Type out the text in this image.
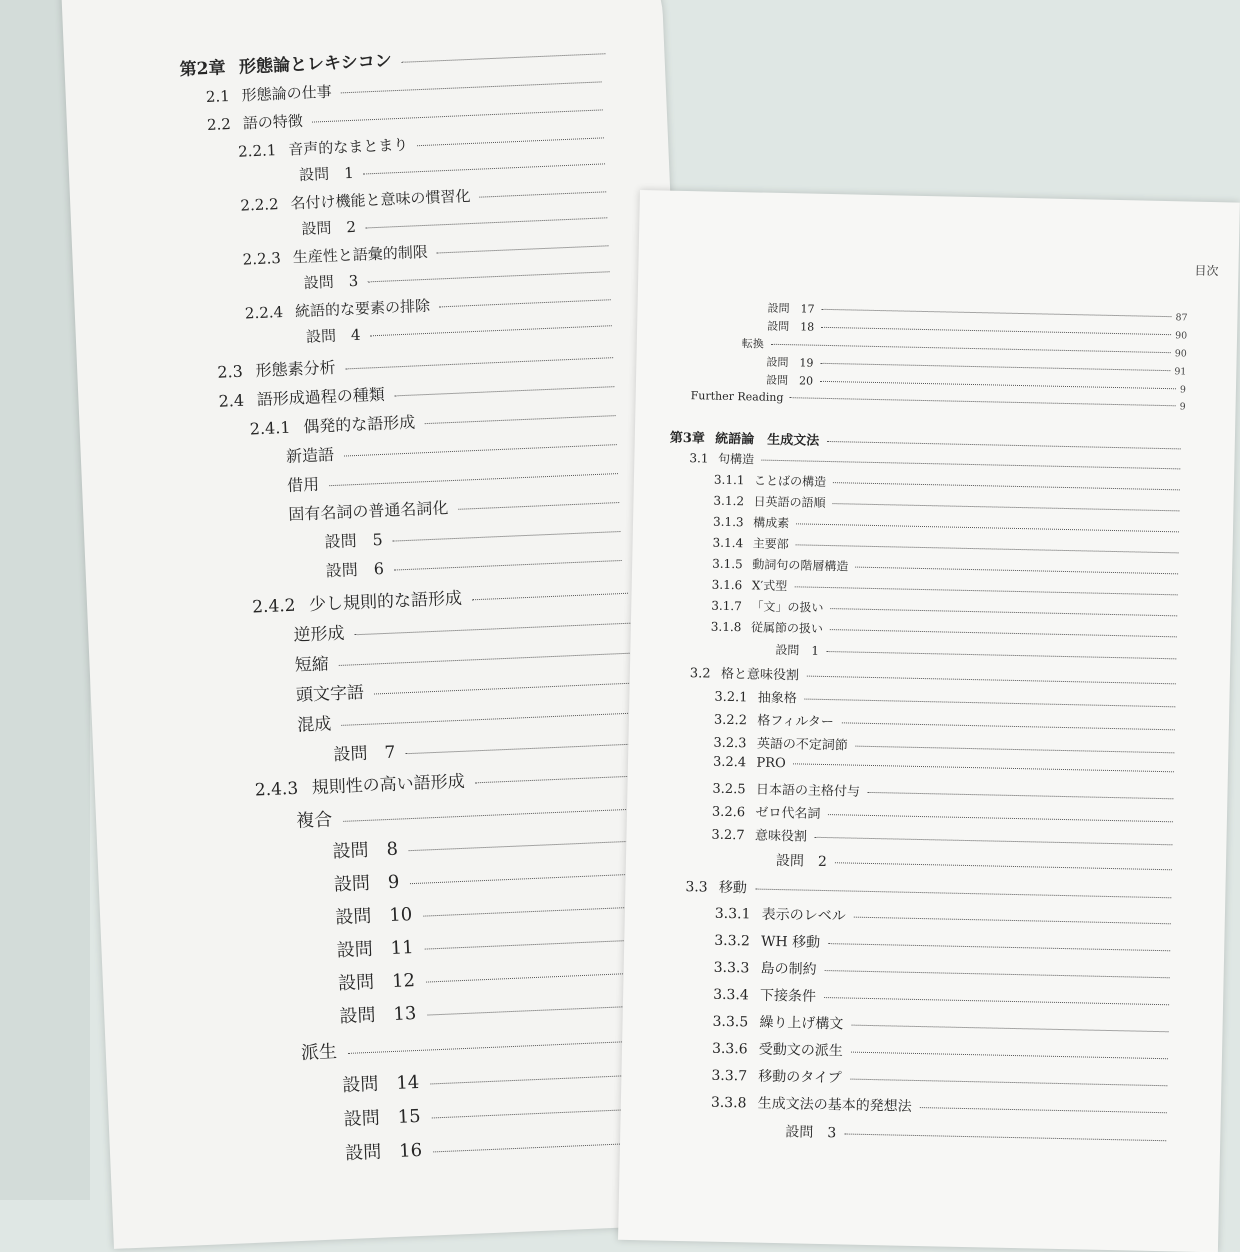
第2章 形態論とレキシコン
2.1 形態論の仕事
2.2 語の特徴
2.2.1 音声的なまとまり
設問　1
2.2.2 名付け機能と意味の慣習化
設問　2
2.2.3 生産性と語彙的制限
設問　3
2.2.4 統語的な要素の排除
設問　4
2.3 形態素分析
2.4 語形成過程の種類
2.4.1 偶発的な語形成
新造語
借用
固有名詞の普通名詞化
設問　5
設問　6
2.4.2 少し規則的な語形成
逆形成
短縮
頭文字語
混成
設問　7
2.4.3 規則性の高い語形成
複合
設問　8
設問　9
設問　10
設問　11
設問　12
設問　13
派生
設問　14
設問　15
設問　16
目次
設問　17
87
設問　18
90
転換
90
設問　19
91
設問　20
9
Further Reading
9
第3章 統語論　生成文法
3.1 句構造
3.1.1 ことばの構造
3.1.2 日英語の語順
3.1.3 構成素
3.1.4 主要部
3.1.5 動詞句の階層構造
3.1.6 X′式型
3.1.7 「文」の扱い
3.1.8 従属節の扱い
設問　1
3.2 格と意味役割
3.2.1 抽象格
3.2.2 格フィルター
3.2.3 英語の不定詞節
3.2.4 PRO
3.2.5 日本語の主格付与
3.2.6 ゼロ代名詞
3.2.7 意味役割
設問　2
3.3 移動
3.3.1 表示のレベル
3.3.2 WH 移動
3.3.3 島の制約
3.3.4 下接条件
3.3.5 繰り上げ構文
3.3.6 受動文の派生
3.3.7 移動のタイプ
3.3.8 生成文法の基本的発想法
設問　3
